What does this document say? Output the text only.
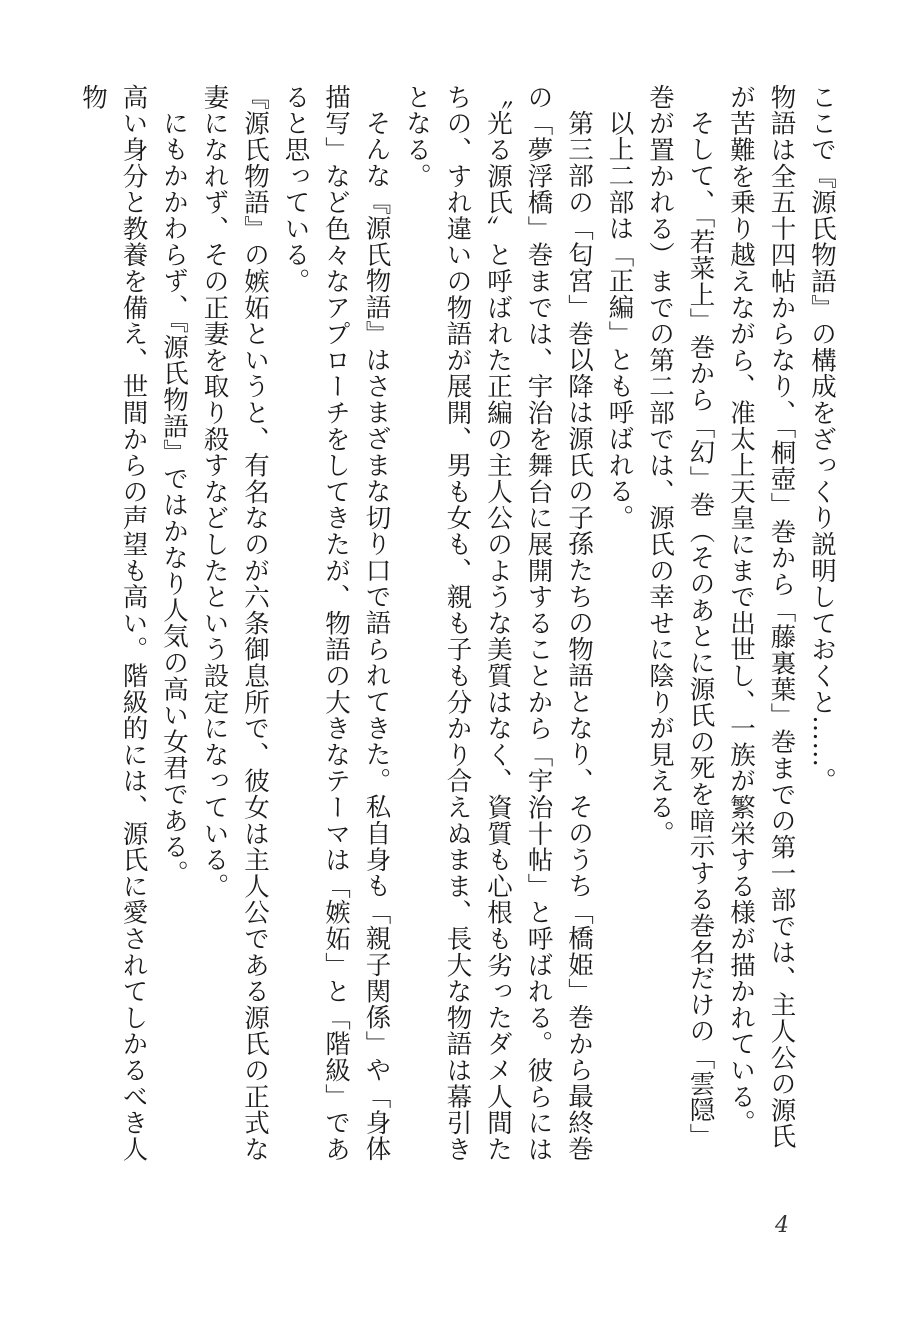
ここで『源氏物語』の構成をざっくり説明しておくと……。

物語は全五十四帖からなり、「桐壺」巻から「藤裏葉」巻までの第一部では、主人公の源氏が苦難を乗り越えながら、准太上天皇にまで出世し、一族が繁栄する様が描かれている。

そして、「若菜上」巻から「幻」巻（そのあとに源氏の死を暗示する巻名だけの「雲隠」巻が置かれる）までの第二部では、源氏の幸せに陰りが見える。

以上二部は「正編」とも呼ばれる。

第三部の「匂宮」巻以降は源氏の子孫たちの物語となり、そのうち「橋姫」巻から最終巻の「夢浮橋」巻までは、宇治を舞台に展開することから「宇治十帖」と呼ばれる。彼らには〝光る源氏〟と呼ばれた正編の主人公のような美質はなく、資質も心根も劣ったダメ人間たちの、すれ違いの物語が展開、男も女も、親も子も分かり合えぬまま、長大な物語は幕引きとなる。

そんな『源氏物語』はさまざまな切り口で語られてきた。私自身も「親子関係」や「身体描写」など色々なアプローチをしてきたが、物語の大きなテーマは「嫉妬」と「階級」であると思っている。

『源氏物語』の嫉妬というと、有名なのが六条御息所で、彼女は主人公である源氏の正式な妻になれず、その正妻を取り殺すなどしたという設定になっている。

にもかかわらず、『源氏物語』ではかなり人気の高い女君である。

高い身分と教養を備え、世間からの声望も高い。階級的には、源氏に愛されてしかるべき人物

4
